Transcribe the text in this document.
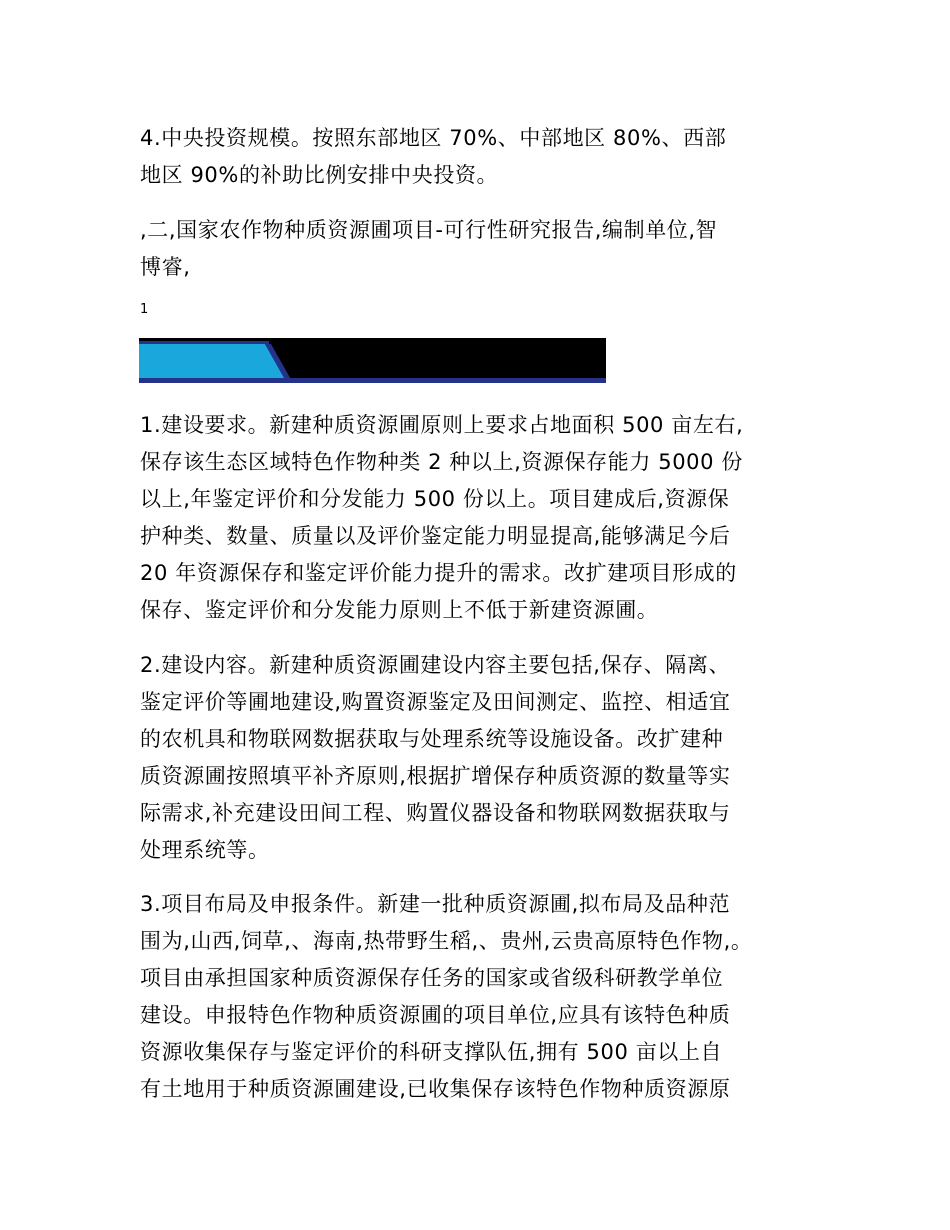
4.中央投资规模。按照东部地区 70%、中部地区 80%、西部
地区 90%的补助比例安排中央投资。
,二,国家农作物种质资源圃项目-可行性研究报告,编制单位,智
博睿,
1
1.建设要求。新建种质资源圃原则上要求占地面积 500 亩左右,
保存该生态区域特色作物种类 2 种以上,资源保存能力 5000 份
以上,年鉴定评价和分发能力 500 份以上。项目建成后,资源保
护种类、数量、质量以及评价鉴定能力明显提高,能够满足今后
20 年资源保存和鉴定评价能力提升的需求。改扩建项目形成的
保存、鉴定评价和分发能力原则上不低于新建资源圃。
2.建设内容。新建种质资源圃建设内容主要包括,保存、隔离、
鉴定评价等圃地建设,购置资源鉴定及田间测定、监控、相适宜
的农机具和物联网数据获取与处理系统等设施设备。改扩建种
质资源圃按照填平补齐原则,根据扩增保存种质资源的数量等实
际需求,补充建设田间工程、购置仪器设备和物联网数据获取与
处理系统等。
3.项目布局及申报条件。新建一批种质资源圃,拟布局及品种范
围为,山西,饲草,、海南,热带野生稻,、贵州,云贵高原特色作物,。
项目由承担国家种质资源保存任务的国家或省级科研教学单位
建设。申报特色作物种质资源圃的项目单位,应具有该特色种质
资源收集保存与鉴定评价的科研支撑队伍,拥有 500 亩以上自
有土地用于种质资源圃建设,已收集保存该特色作物种质资源原
